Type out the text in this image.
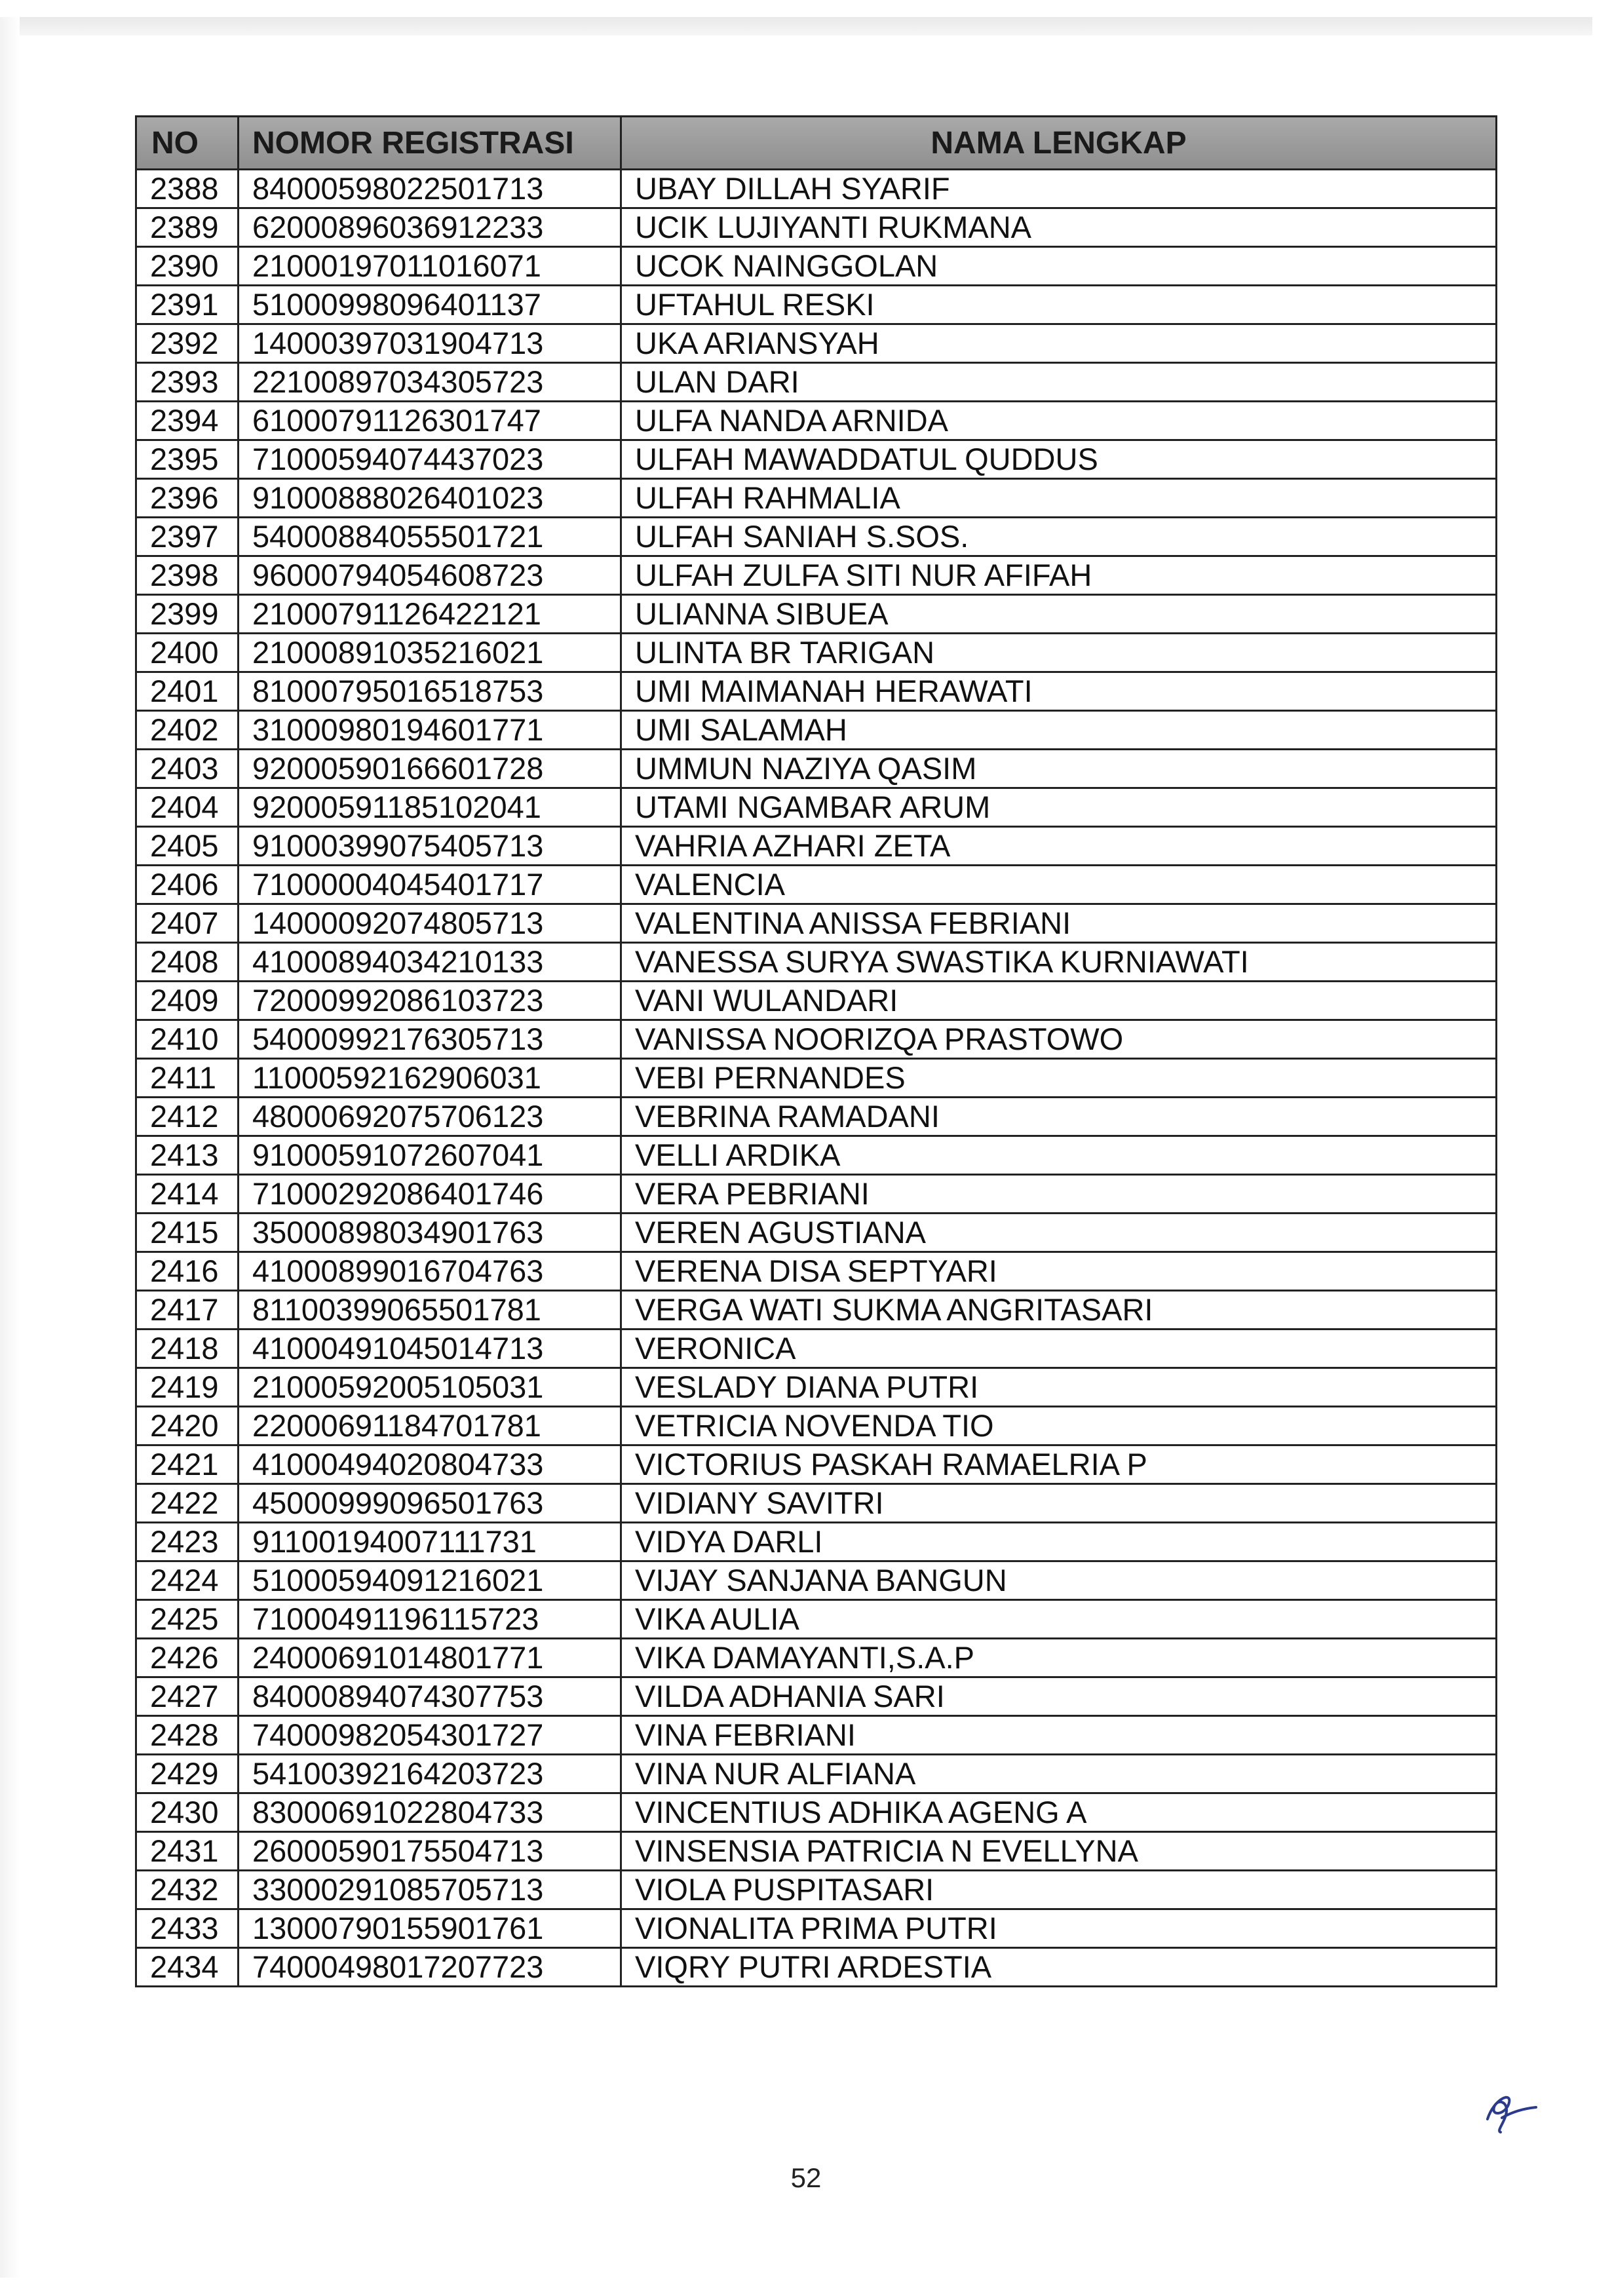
NO	NOMOR REGISTRASI	NAMA LENGKAP
2388	84000598022501713	UBAY DILLAH SYARIF
2389	62000896036912233	UCIK LUJIYANTI RUKMANA
2390	21000197011016071	UCOK NAINGGOLAN
2391	51000998096401137	UFTAHUL RESKI
2392	14000397031904713	UKA ARIANSYAH
2393	22100897034305723	ULAN DARI
2394	61000791126301747	ULFA NANDA ARNIDA
2395	71000594074437023	ULFAH MAWADDATUL QUDDUS
2396	91000888026401023	ULFAH RAHMALIA
2397	54000884055501721	ULFAH SANIAH S.SOS.
2398	96000794054608723	ULFAH ZULFA SITI NUR AFIFAH
2399	21000791126422121	ULIANNA SIBUEA
2400	21000891035216021	ULINTA BR TARIGAN
2401	81000795016518753	UMI MAIMANAH HERAWATI
2402	31000980194601771	UMI SALAMAH
2403	92000590166601728	UMMUN NAZIYA QASIM
2404	92000591185102041	UTAMI NGAMBAR ARUM
2405	91000399075405713	VAHRIA AZHARI ZETA
2406	71000004045401717	VALENCIA
2407	14000092074805713	VALENTINA ANISSA FEBRIANI
2408	41000894034210133	VANESSA SURYA SWASTIKA KURNIAWATI
2409	72000992086103723	VANI WULANDARI
2410	54000992176305713	VANISSA NOORIZQA PRASTOWO
2411	11000592162906031	VEBI PERNANDES
2412	48000692075706123	VEBRINA RAMADANI
2413	91000591072607041	VELLI ARDIKA
2414	71000292086401746	VERA PEBRIANI
2415	35000898034901763	VEREN AGUSTIANA
2416	41000899016704763	VERENA DISA SEPTYARI
2417	81100399065501781	VERGA WATI SUKMA ANGRITASARI
2418	41000491045014713	VERONICA
2419	21000592005105031	VESLADY DIANA PUTRI
2420	22000691184701781	VETRICIA NOVENDA TIO
2421	41000494020804733	VICTORIUS PASKAH RAMAELRIA P
2422	45000999096501763	VIDIANY SAVITRI
2423	91100194007111731	VIDYA DARLI
2424	51000594091216021	VIJAY SANJANA BANGUN
2425	71000491196115723	VIKA AULIA
2426	24000691014801771	VIKA DAMAYANTI,S.A.P
2427	84000894074307753	VILDA ADHANIA SARI
2428	74000982054301727	VINA FEBRIANI
2429	54100392164203723	VINA NUR ALFIANA
2430	83000691022804733	VINCENTIUS ADHIKA AGENG A
2431	26000590175504713	VINSENSIA PATRICIA N EVELLYNA
2432	33000291085705713	VIOLA PUSPITASARI
2433	13000790155901761	VIONALITA PRIMA PUTRI
2434	74000498017207723	VIQRY PUTRI ARDESTIA
52
